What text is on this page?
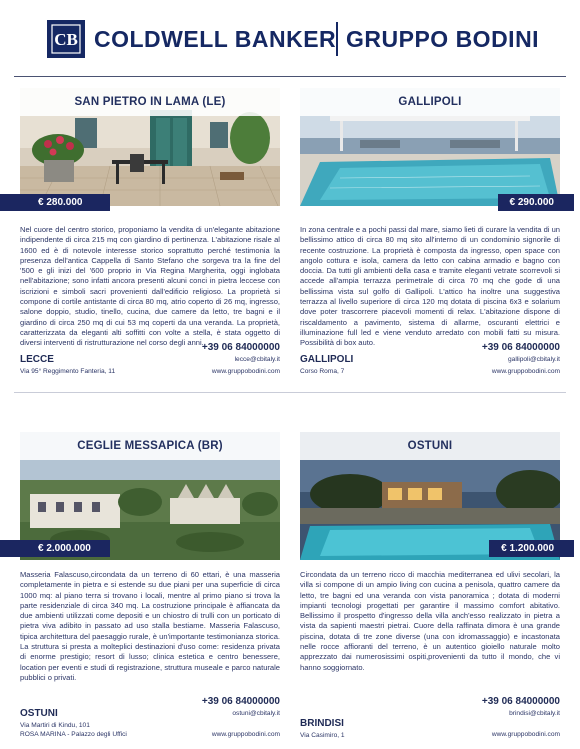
CB COLDWELL BANKER GRUPPO BODINI
SAN PIETRO IN LAMA (LE)
€ 280.000
Nel cuore del centro storico, proponiamo la vendita di un'elegante abitazione indipendente di circa 215 mq con giardino di pertinenza. L'abitazione risale al 1600 ed è di notevole interesse storico soprattutto perché testimonia la presenza dell'antica Cappella di Santo Stefano che sorgeva tra la fine del '500 e gli inizi del '600 proprio in Via Regina Margherita, oggi inglobata nell'abitazione; sono infatti ancora presenti alcuni conci in pietra leccese con iscrizioni e simboli sacri provenienti dall'edificio religioso. La proprietà si compone di cortile antistante di circa 80 mq, atrio coperto di 26 mq, ingresso, salone doppio, studio, tinello, cucina, due camere da letto, tre bagni e il giardino di circa 250 mq di cui 53 mq coperti da una veranda. La proprietà, caratterizzata da eleganti alti soffitti con volte a stella, è stata oggetto di diversi interventi di ristrutturazione nel corso degli anni.
LECCE
Via 95° Reggimento Fanteria, 11
+39 06 84000000
lecce@cbitaly.it
www.gruppobodini.com
GALLIPOLI
€ 290.000
In zona centrale e a pochi passi dal mare, siamo lieti di curare la vendita di un bellissimo attico di circa 80 mq sito all'interno di un condominio signorile di recente costruzione. La proprietà è composta da ingresso, open space con angolo cottura e isola, camera da letto con cabina armadio e bagno con doccia. Da tutti gli ambienti della casa e tramite eleganti vetrate scorrevoli si accede all'ampia terrazza perimetrale di circa 70 mq che gode di una bellissima vista sul golfo di Gallipoli. L'attico ha inoltre una suggestiva terrazza al livello superiore di circa 120 mq dotata di piscina 6x3 e solarium dove poter trascorrere piacevoli momenti di relax. L'abitazione dispone di riscaldamento a pavimento, sistema di allarme, oscuranti elettrici e illuminazione full led e viene venduto arredato con mobili fatti su misura. Possibilità di box auto.
GALLIPOLI
Corso Roma, 7
+39 06 84000000
gallipoli@cbitaly.it
www.gruppobodini.com
CEGLIE MESSAPICA (BR)
€ 2.000.000
Masseria Falascuso,circondata da un terreno di 60 ettari, è una masseria completamente in pietra e si estende su due piani per una superficie di circa 1000 mq: al piano terra si trovano i locali, mentre al primo piano si trova la parte residenziale di circa 340 mq. La costruzione principale è affiancata da due ambienti utilizzati come depositi e un chiostro di trulli con un porticato di pietra viva adibito in passato ad uso stalla bestiame. Masseria Falascuso, tipica architettura del paesaggio rurale, è un'importante testimonianza storica. La struttura si presta a molteplici destinazioni d'uso come: residenza privata di enorme prestigio; resort di lusso; clinica estetica e centro benessere, location per eventi e studi di registrazione, struttura museale e parco naturale pubblici o privati.
OSTUNI
Via Martiri di Kindu, 101
ROSA MARINA - Palazzo degli Uffici
+39 06 84000000
ostuni@cbitaly.it
www.gruppobodini.com
OSTUNI
€ 1.200.000
Circondata da un terreno ricco di macchia mediterranea ed ulivi secolari, la villa si compone di un ampio living con cucina a penisola, quattro camere da letto, tre bagni ed una veranda con vista panoramica ; dotata di moderni impianti tecnologi progettati per garantire il massimo comfort abitativo. Bellissimo il prospetto d'ingresso della villa anch'esso realizzato in pietra a vista da sapienti maestri pietrai. Cuore della raffinata dimora è una grande piscina, dotata di tre zone diverse (una con idromassaggio) e incastonata nelle rocce affioranti del terreno, è un autentico gioiello naturale molto apprezzato dai numerosissimi ospiti,provenienti da tutto il mondo, che vi hanno soggiornato.
BRINDISI
Via Casimiro, 1
+39 06 84000000
brindisi@cbitaly.it
www.gruppobodini.com
